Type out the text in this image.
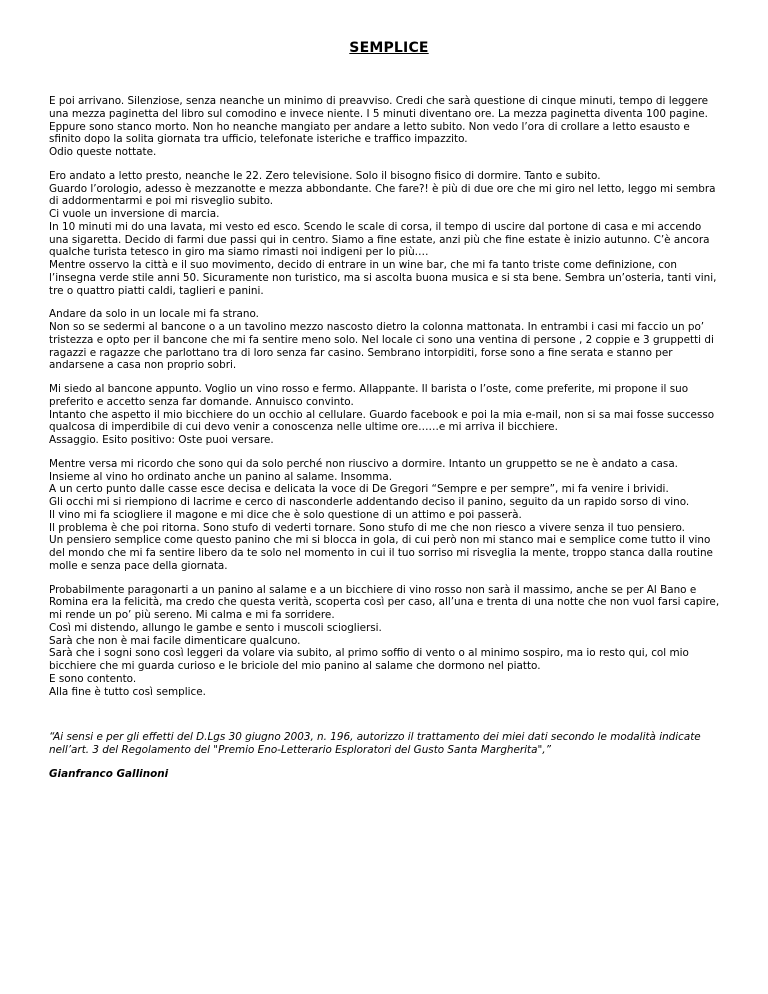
SEMPLICE
E poi arrivano. Silenziose, senza neanche un minimo di preavviso. Credi che sarà questione di cinque minuti, tempo di leggere
una mezza paginetta del libro sul comodino e invece niente. I 5 minuti diventano ore. La mezza paginetta diventa 100 pagine.
Eppure sono stanco morto. Non ho neanche mangiato per andare a letto subito. Non vedo l’ora di crollare a letto esausto e
sfinito dopo la solita giornata tra ufficio, telefonate isteriche e traffico impazzito.
Odio queste nottate.
Ero andato a letto presto, neanche le 22. Zero televisione. Solo il bisogno fisico di dormire. Tanto e subito.
Guardo l’orologio, adesso è mezzanotte e mezza abbondante. Che fare?! è più di due ore che mi giro nel letto, leggo mi sembra
di addormentarmi e poi mi risveglio subito.
Ci vuole un inversione di marcia.
In 10 minuti mi do una lavata, mi vesto ed esco. Scendo le scale di corsa, il tempo di uscire dal portone di casa e mi accendo
una sigaretta. Decido di farmi due passi qui in centro. Siamo a fine estate, anzi più che fine estate è inizio autunno. C’è ancora
qualche turista tetesco in giro ma siamo rimasti noi indigeni per lo più….
Mentre osservo la città e il suo movimento, decido di entrare in un wine bar, che mi fa tanto triste come definizione, con
l’insegna verde stile anni 50. Sicuramente non turistico, ma si ascolta buona musica e si sta bene. Sembra un’osteria, tanti vini,
tre o quattro piatti caldi, taglieri e panini.
Andare da solo in un locale mi fa strano.
Non so se sedermi al bancone o a un tavolino mezzo nascosto dietro la colonna mattonata. In entrambi i casi mi faccio un po’
tristezza e opto per il bancone che mi fa sentire meno solo. Nel locale ci sono una ventina di persone , 2 coppie e 3 gruppetti di
ragazzi e ragazze che parlottano tra di loro senza far casino. Sembrano intorpiditi, forse sono a fine serata e stanno per
andarsene a casa non proprio sobri.
Mi siedo al bancone appunto. Voglio un vino rosso e fermo. Allappante. Il barista o l’oste, come preferite, mi propone il suo
preferito e accetto senza far domande. Annuisco convinto.
Intanto che aspetto il mio bicchiere do un occhio al cellulare. Guardo facebook e poi la mia e-mail, non si sa mai fosse successo
qualcosa di imperdibile di cui devo venir a conoscenza nelle ultime ore……e mi arriva il bicchiere.
Assaggio. Esito positivo: Oste puoi versare.
Mentre versa mi ricordo che sono qui da solo perché non riuscivo a dormire. Intanto un gruppetto se ne è andato a casa.
Insieme al vino ho ordinato anche un panino al salame. Insomma.
A un certo punto dalle casse esce decisa e delicata la voce di De Gregori “Sempre e per sempre”, mi fa venire i brividi.
Gli occhi mi si riempiono di lacrime e cerco di nasconderle addentando deciso il panino, seguito da un rapido sorso di vino.
Il vino mi fa sciogliere il magone e mi dice che è solo questione di un attimo e poi passerà.
Il problema è che poi ritorna. Sono stufo di vederti tornare. Sono stufo di me che non riesco a vivere senza il tuo pensiero.
Un pensiero semplice come questo panino che mi si blocca in gola, di cui però non mi stanco mai e semplice come tutto il vino
del mondo che mi fa sentire libero da te solo nel momento in cui il tuo sorriso mi risveglia la mente, troppo stanca dalla routine
molle e senza pace della giornata.
Probabilmente paragonarti a un panino al salame e a un bicchiere di vino rosso non sarà il massimo, anche se per Al Bano e
Romina era la felicità, ma credo che questa verità, scoperta così per caso, all’una e trenta di una notte che non vuol farsi capire,
mi rende un po’ più sereno. Mi calma e mi fa sorridere.
Così mi distendo, allungo le gambe e sento i muscoli sciogliersi.
Sarà che non è mai facile dimenticare qualcuno.
Sarà che i sogni sono così leggeri da volare via subito, al primo soffio di vento o al minimo sospiro, ma io resto qui, col mio
bicchiere che mi guarda curioso e le briciole del mio panino al salame che dormono nel piatto.
E sono contento.
Alla fine è tutto così semplice.
“Ai sensi e per gli effetti del D.Lgs 30 giugno 2003, n. 196, autorizzo il trattamento dei miei dati secondo le modalità indicate
nell’art. 3 del Regolamento del "Premio Eno-Letterario Esploratori del Gusto Santa Margherita",”
Gianfranco Gallinoni
